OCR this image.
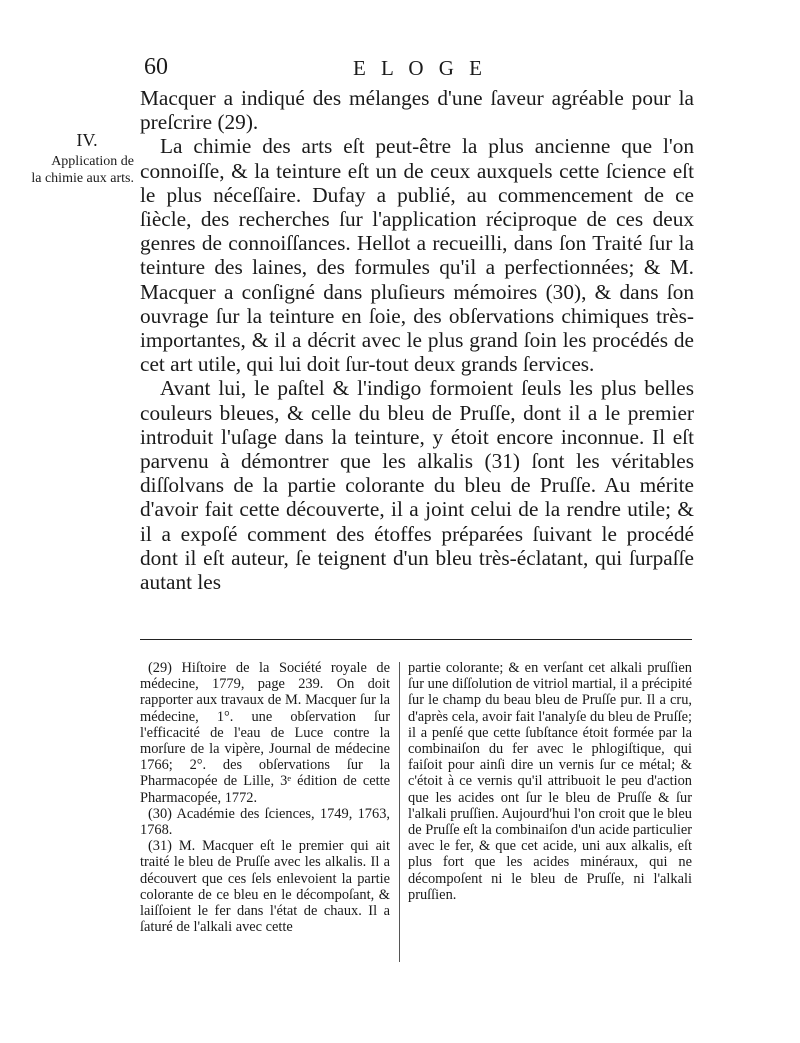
60	E L O G E
IV.
Application de
la chimie aux arts.

Macquer a indiqué des mélanges d'une ſaveur agréable pour la preſcrire (29).

La chimie des arts eſt peut-être la plus ancienne que l'on connoiſſe, & la teinture eſt un de ceux auxquels cette ſcience eſt le plus néceſſaire. Dufay a publié, au commencement de ce ſiècle, des recherches ſur l'application réciproque de ces deux genres de connoiſſances. Hellot a recueilli, dans ſon Traité ſur la teinture des laines, des formules qu'il a perfectionnées; & M. Macquer a conſigné dans pluſieurs mémoires (30), & dans ſon ouvrage ſur la teinture en ſoie, des obſervations chimiques très-importantes, & il a décrit avec le plus grand ſoin les procédés de cet art utile, qui lui doit ſur-tout deux grands ſervices.

Avant lui, le paſtel & l'indigo formoient ſeuls les plus belles couleurs bleues, & celle du bleu de Pruſſe, dont il a le premier introduit l'uſage dans la teinture, y étoit encore inconnue. Il eſt parvenu à démontrer que les alkalis (31) ſont les véritables diſſolvans de la partie colorante du bleu de Pruſſe. Au mérite d'avoir fait cette découverte, il a joint celui de la rendre utile; & il a expoſé comment des étoffes préparées ſuivant le procédé dont il eſt auteur, ſe teignent d'un bleu très-éclatant, qui ſurpaſſe autant les

(29) Hiſtoire de la Société royale de médecine, 1779, page 239. On doit rapporter aux travaux de M. Macquer ſur la médecine, 1°. une obſervation ſur l'efficacité de l'eau de Luce contre la morſure de la vipère, Journal de médecine 1766; 2°. des obſervations ſur la Pharmacopée de Lille, 3ᵉ édition de cette Pharmacopée, 1772.

(30) Académie des ſciences, 1749, 1763, 1768.

(31) M. Macquer eſt le premier qui ait traité le bleu de Pruſſe avec les alkalis. Il a découvert que ces ſels enlevoient la partie colorante de ce bleu en le décompoſant, & laiſſoient le fer dans l'état de chaux. Il a ſaturé de l'alkali avec cette

partie colorante; & en verſant cet alkali pruſſien ſur une diſſolution de vitriol martial, il a précipité ſur le champ du beau bleu de Pruſſe pur. Il a cru, d'après cela, avoir fait l'analyſe du bleu de Pruſſe; il a penſé que cette ſubſtance étoit formée par la combinaiſon du fer avec le phlogiſtique, qui faiſoit pour ainſi dire un vernis ſur ce métal; & c'étoit à ce vernis qu'il attribuoit le peu d'action que les acides ont ſur le bleu de Pruſſe & ſur l'alkali pruſſien. Aujourd'hui l'on croit que le bleu de Pruſſe eſt la combinaiſon d'un acide particulier avec le fer, & que cet acide, uni aux alkalis, eſt plus fort que les acides minéraux, qui ne décompoſent ni le bleu de Pruſſe, ni l'alkali pruſſien.
